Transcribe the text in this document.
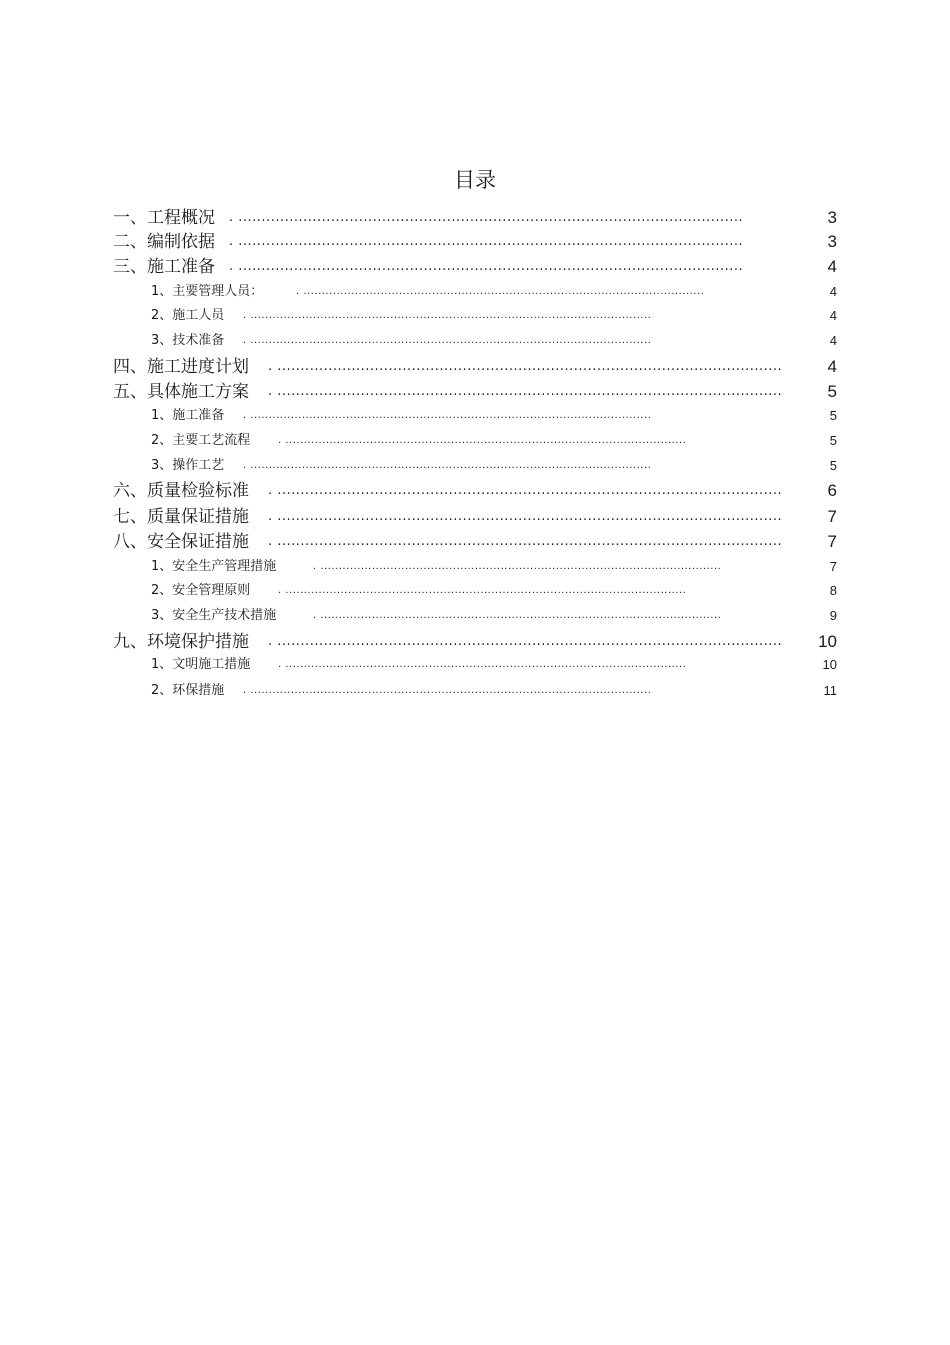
目录
一、工程概况 . .............................................................................................................	3
二、编制依据 . .............................................................................................................	3
三、施工准备 . .............................................................................................................	4
1、主要管理人员：	. .............................................................................................................	4
2、施工人员 . .............................................................................................................	4
3、技术准备 . .............................................................................................................	4
四、施工进度计划 . .............................................................................................................	4
五、具体施工方案 . .............................................................................................................	5
1、施工准备 . .............................................................................................................	5
2、主要工艺流程	. .............................................................................................................	5
3、操作工艺 . .............................................................................................................	5
六、质量检验标准 . .............................................................................................................	6
七、质量保证措施 . .............................................................................................................	7
八、安全保证措施 . .............................................................................................................	7
1、安全生产管理措施	. .............................................................................................................	7
2、安全管理原则	. .............................................................................................................	8
3、安全生产技术措施	. .............................................................................................................	9
九、环境保护措施 . ............................................................................................................. 10
1、文明施工措施	. .............................................................................................................	10
2、环保措施 . .............................................................................................................	11
